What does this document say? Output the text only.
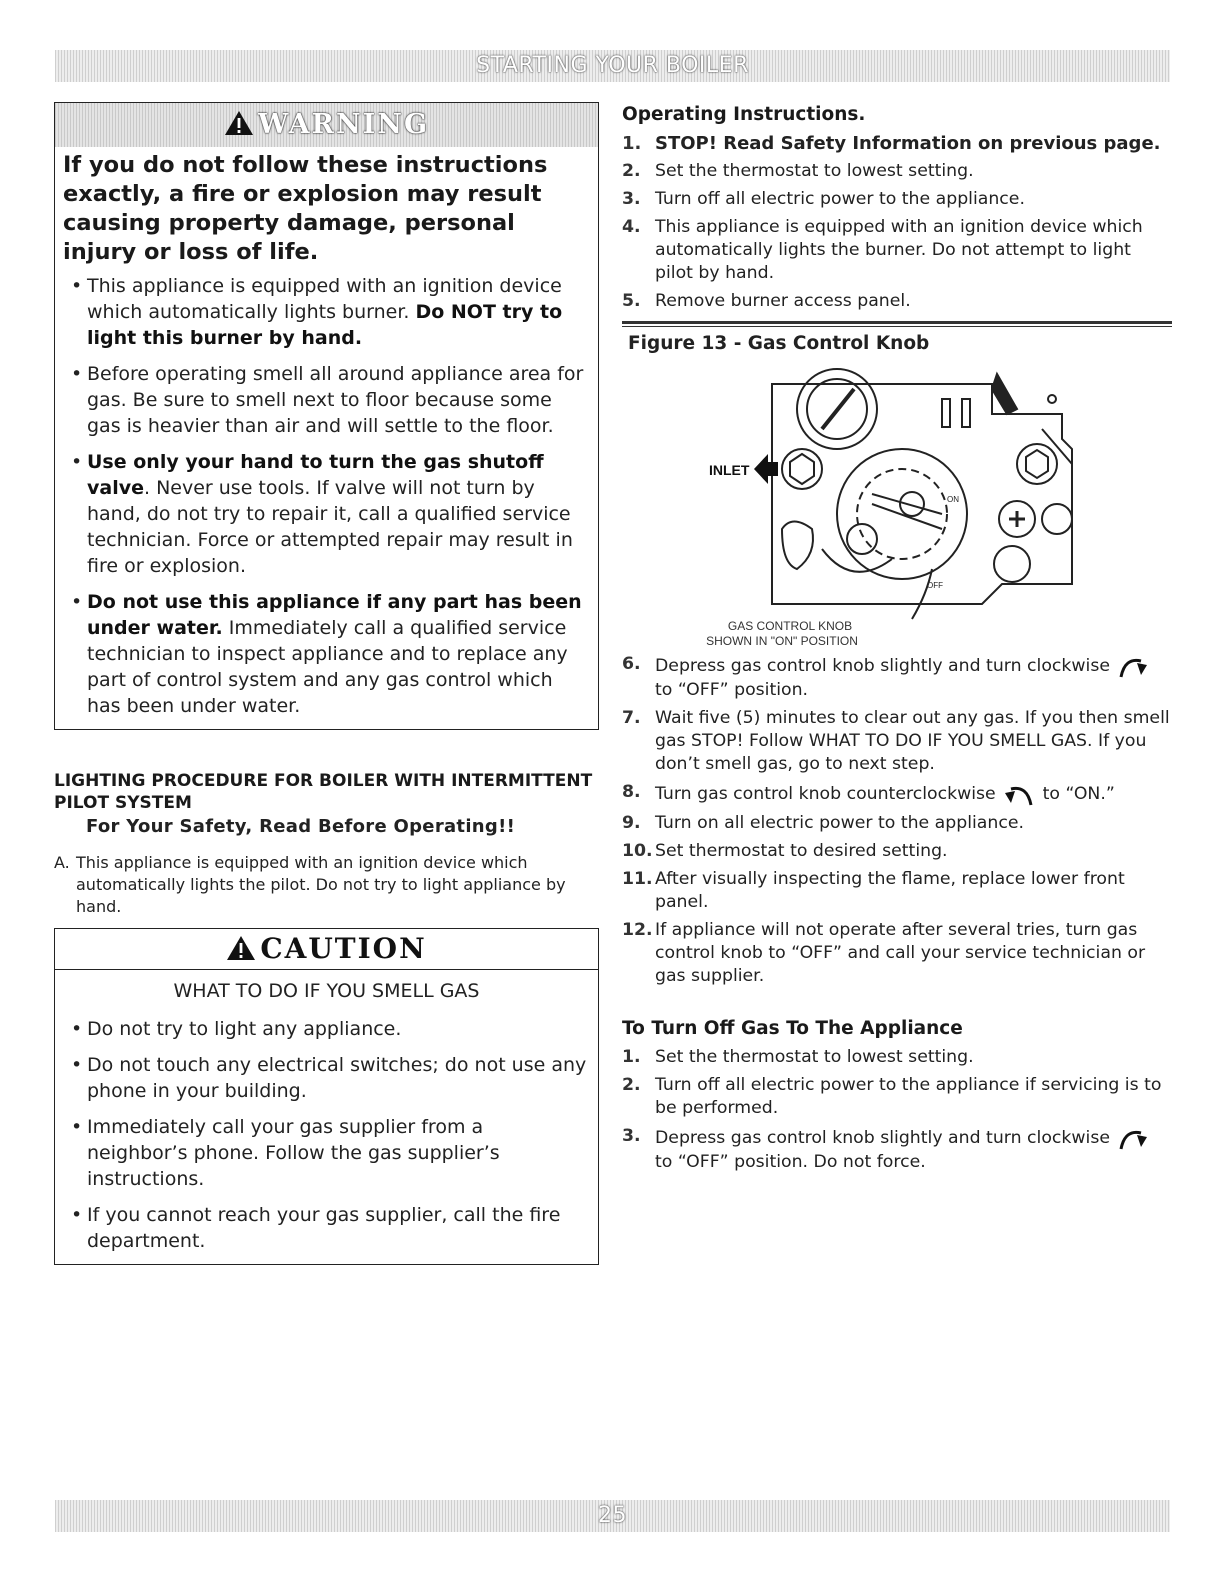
STARTING YOUR BOILER
WARNING
If you do not follow these instructions exactly, a fire or explosion may result causing property damage, personal injury or loss of life.
• This appliance is equipped with an ignition device which automatically lights burner. Do NOT try to light this burner by hand.
• Before operating smell all around appliance area for gas. Be sure to smell next to floor because some gas is heavier than air and will settle to the floor.
• Use only your hand to turn the gas shutoff valve. Never use tools. If valve will not turn by hand, do not try to repair it, call a qualified service technician. Force or attempted repair may result in fire or explosion.
• Do not use this appliance if any part has been under water. Immediately call a qualified service technician to inspect appliance and to replace any part of control system and any gas control which has been under water.
LIGHTING PROCEDURE FOR BOILER WITH INTERMITTENT PILOT SYSTEM
For Your Safety, Read Before Operating!!
A. This appliance is equipped with an ignition device which automatically lights the pilot. Do not try to light appliance by hand.
CAUTION
WHAT TO DO IF YOU SMELL GAS
• Do not try to light any appliance.
• Do not touch any electrical switches; do not use any phone in your building.
• Immediately call your gas supplier from a neighbor’s phone. Follow the gas supplier’s instructions.
• If you cannot reach your gas supplier, call the fire department.
Operating Instructions.
1. STOP! Read Safety Information on previous page.
2. Set the thermostat to lowest setting.
3. Turn off all electric power to the appliance.
4. This appliance is equipped with an ignition device which automatically lights the burner. Do not attempt to light pilot by hand.
5. Remove burner access panel.
Figure 13 - Gas Control Knob
INLET
ON
OFF
GAS CONTROL KNOB
SHOWN IN "ON" POSITION
6. Depress gas control knob slightly and turn clockwise  to “OFF” position.
7. Wait five (5) minutes to clear out any gas. If you then smell gas STOP! Follow WHAT TO DO IF YOU SMELL GAS. If you don’t smell gas, go to next step.
8. Turn gas control knob counterclockwise	to “ON.”
9. Turn on all electric power to the appliance.
10. Set thermostat to desired setting.
11. After visually inspecting the flame, replace lower front panel.
12. If appliance will not operate after several tries, turn gas control knob to “OFF” and call your service technician or gas supplier.
To Turn Off Gas To The Appliance
1. Set the thermostat to lowest setting.
2. Turn off all electric power to the appliance if servicing is to be performed.
3. Depress gas control knob slightly and turn clockwise  to “OFF” position. Do not force.
25
